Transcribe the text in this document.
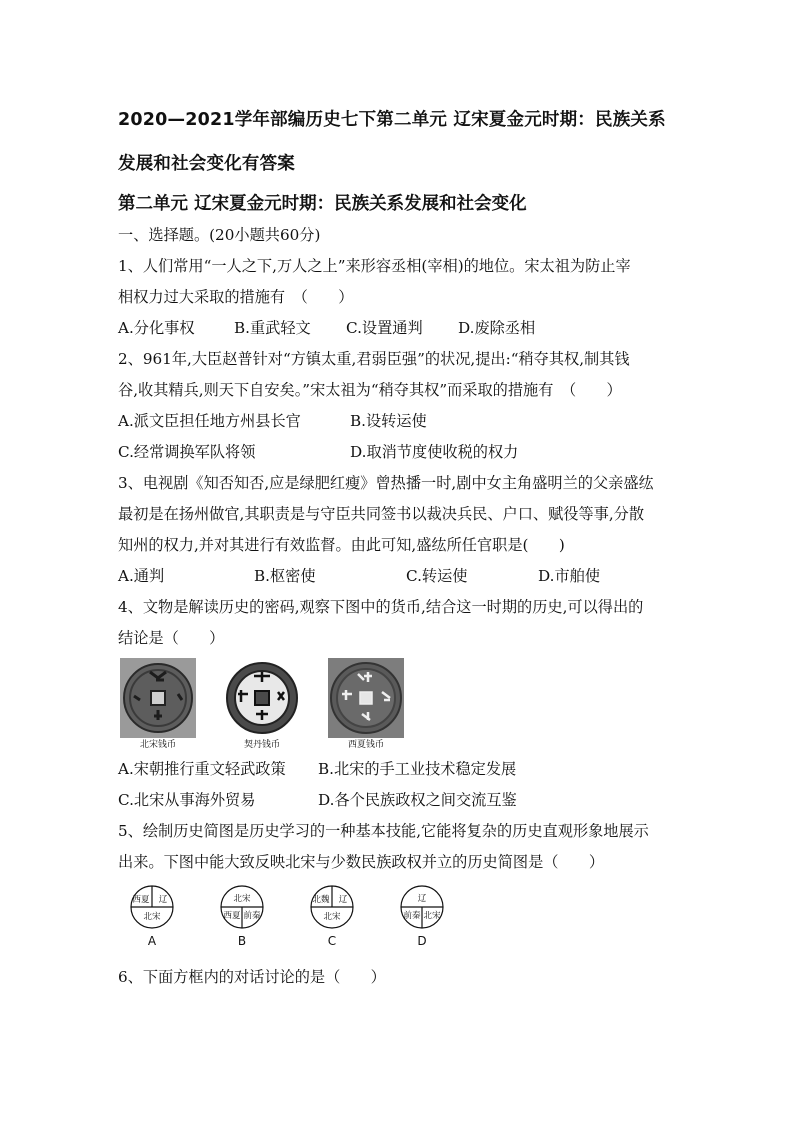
2020—2021学年部编历史七下第二单元 辽宋夏金元时期：民族关系

发展和社会变化有答案

第二单元 辽宋夏金元时期：民族关系发展和社会变化

一、选择题。(20小题共60分)

1、人们常用“一人之下,万人之上”来形容丞相(宰相)的地位。宋太祖为防止宰

相权力过大采取的措施有　（　　）

A.分化事权	B.重武轻文	C.设置通判	D.废除丞相

2、961年,大臣赵普针对“方镇太重,君弱臣强”的状况,提出:“稍夺其权,制其钱

谷,收其精兵,则天下自安矣。”宋太祖为“稍夺其权”而采取的措施有　（　　）

A.派文臣担任地方州县长官	B.设转运使
C.经常调换军队将领	D.取消节度使收税的权力

3、电视剧《知否知否,应是绿肥红瘦》曾热播一时,剧中女主角盛明兰的父亲盛纮

最初是在扬州做官,其职责是与守臣共同签书以裁决兵民、户口、赋役等事,分散

知州的权力,并对其进行有效监督。由此可知,盛纮所任官职是(　　)

A.通判	B.枢密使	C.转运使	D.市舶使

4、文物是解读历史的密码,观察下图中的货币,结合这一时期的历史,可以得出的

结论是（　　）

北宋钱币	契丹钱币	西夏钱币
A.宋朝推行重文轻武政策	B.北宋的手工业技术稳定发展
C.北宋从事海外贸易	D.各个民族政权之间交流互鉴

5、绘制历史简图是历史学习的一种基本技能,它能将复杂的历史直观形象地展示

出来。下图中能大致反映北宋与少数民族政权并立的历史简图是（　　）

西夏 辽
北宋
A
北宋
西夏 前秦
B
北魏 辽
北宋
C
辽
前秦 北宋
D

6、下面方框内的对话讨论的是（　　）
